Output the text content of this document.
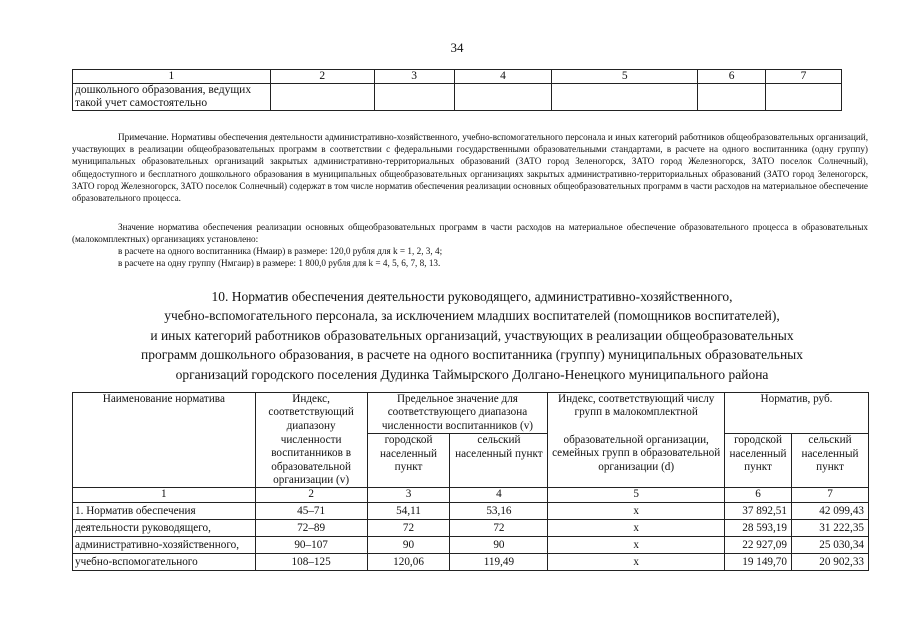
34
1	2	3	4	5	6	7

дошкольного образования, ведущих
такой учет самостоятельно						

Примечание. Нормативы обеспечения деятельности административно-хозяйственного, учебно-вспомогательного персонала и иных категорий работников общеобразовательных организаций, участвующих в реализации общеобразовательных программ в соответствии с федеральными государственными образовательными стандартами, в расчете на одного воспитанника (одну группу) муниципальных образовательных организаций закрытых административно-территориальных образований (ЗАТО город Зеленогорск, ЗАТО город Железногорск, ЗАТО поселок Солнечный), общедоступного и бесплатного дошкольного образования в муниципальных общеобразовательных организациях закрытых административно-территориальных образований (ЗАТО город Зеленогорск, ЗАТО город Железногорск, ЗАТО поселок Солнечный) содержат в том числе норматив обеспечения реализации основных общеобразовательных программ в части расходов на материальное обеспечение образовательного процесса.
Значение норматива обеспечения реализации основных общеобразовательных программ в части расходов на материальное обеспечение образовательного процесса в образовательных (малокомплектных) организациях установлено:
в расчете на одного воспитанника (Нмаир) в размере: 120,0 рубля для k = 1, 2, 3, 4;
в расчете на одну группу (Нмгаир) в размере: 1 800,0 рубля для k = 4, 5, 6, 7, 8, 13.
10. Норматив обеспечения деятельности руководящего, административно-хозяйственного,
учебно-вспомогательного персонала, за исключением младших воспитателей (помощников воспитателей),
и иных категорий работников образовательных организаций, участвующих в реализации общеобразовательных
программ дошкольного образования, в расчете на одного воспитанника (группу) муниципальных образовательных
организаций городского поселения Дудинка Таймырского Долгано-Ненецкого муниципального района
Наименование норматива	Индекс, соответствующий диапазону	Предельное значение для соответствующего диапазона численности воспитанников (v)		Индекс, соответствующий числу групп в малокомплектной	Норматив, руб.	
	численности воспитанников в образовательной организации (v)	городской населенный пункт	сельский населенный пункт	образовательной организации, семейных групп в образовательной организации (d)	городской населенный пункт	сельский населенный пункт
1	2	3	4	5	6	7
1. Норматив обеспечения	45–71	54,11	53,16	x	37 892,51	42 099,43
деятельности руководящего,	72–89	72	72	x	28 593,19	31 222,35
административно-хозяйственного,	90–107	90	90	x	22 927,09	25 030,34
учебно-вспомогательного	108–125	120,06	119,49	x	19 149,70	20 902,33
